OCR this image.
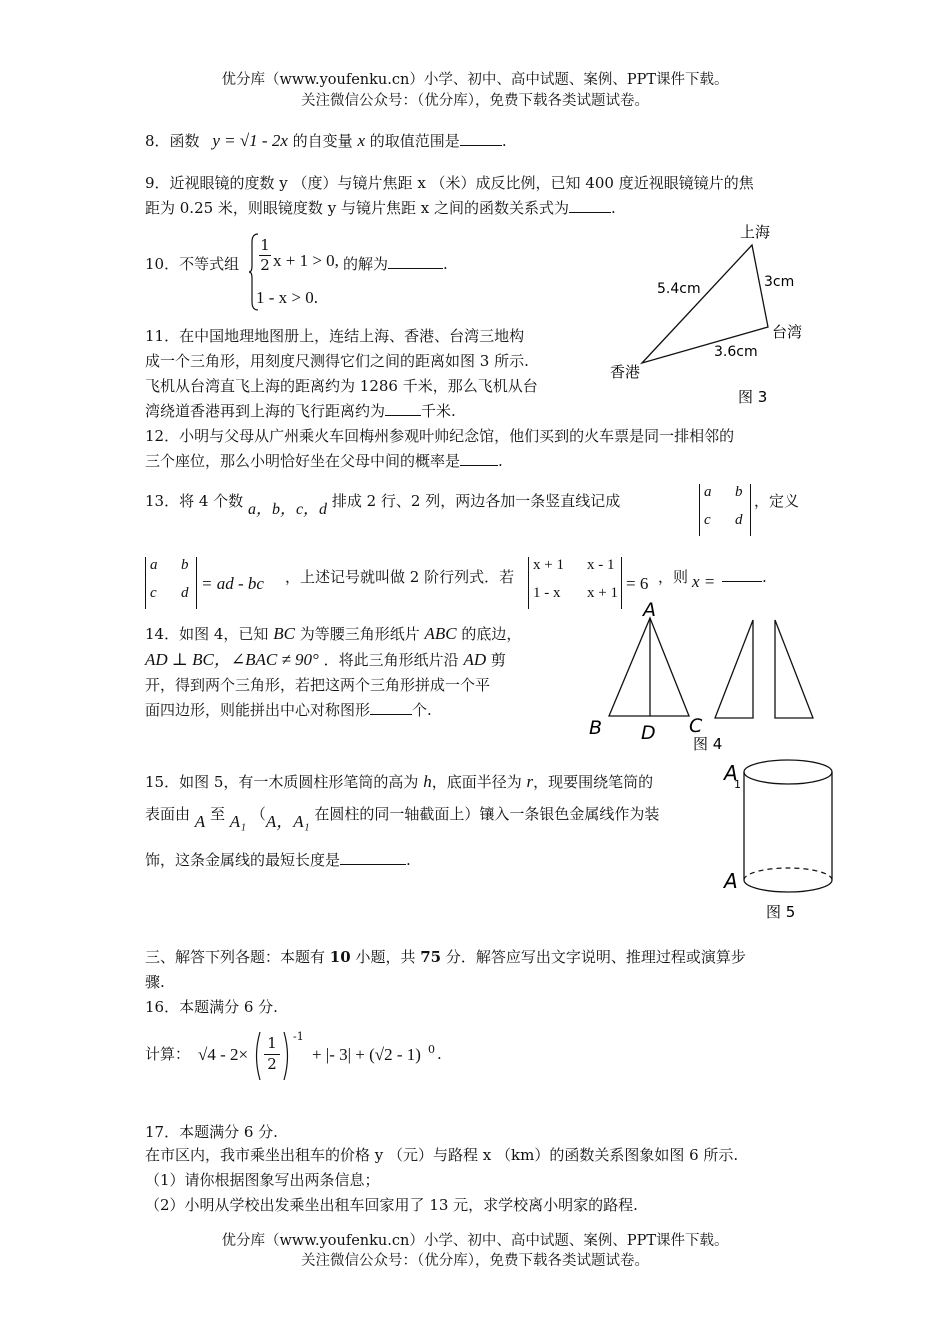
优分库（www.youfenku.cn）小学、初中、高中试题、案例、PPT课件下载。
关注微信公众号：（优分库），免费下载各类试题试卷。
8．函数 y = √1 - 2x 的自变量 x 的取值范围是	.
9．近视眼镜的度数 y （度）与镜片焦距 x （米）成反比例，已知 400 度近视眼镜镜片的焦
距为 0.25 米，则眼镜度数 y 与镜片焦距 x 之间的函数关系式为	.
10．不等式组 $\frac{1}{2}$ x + 1 > 0, 的解为	.
1 - x > 0.
上海
香港
台湾
5.4cm	3cm
3.6cm
图 3
11．在中国地理地图册上，连结上海、香港、台湾三地构
成一个三角形，用刻度尺测得它们之间的距离如图 3 所示.
飞机从台湾直飞上海的距离约为 1286 千米，那么飞机从台
湾绕道香港再到上海的飞行距离约为 千米.
12．小明与父母从广州乘火车回梅州参观叶帅纪念馆，他们买到的火车票是同一排相邻的
三个座位，那么小明恰好坐在父母中间的概率是	.
13．将 4 个数 a，b，c，d 排成 2 行、2 列，两边各加一条竖直线记成	a b
c d
，定义
a b
c d = ad - bc ，上述记号就叫做 2 阶行列式．若
x + 1 x - 1
1 - x x + 1 = 6 ，则 x =	.
A
B	C
D 图 4
14．如图 4，已知 BC 为等腰三角形纸片 ABC 的底边，
AD ⊥ BC，∠BAC ≠ 90° ．将此三角形纸片沿 AD 剪
开，得到两个三角形，若把这两个三角形拼成一个平
面四边形，则能拼出中心对称图形	个.
A
1
A
图 5
15．如图 5，有一木质圆柱形笔筒的高为 h，底面半径为 r，现要围绕笔筒的
表面由 A 至 A₁ （A，A₁ 在圆柱的同一轴截面上）镶入一条银色金属线作为装
饰，这条金属线的最短长度是	.
三、解答下列各题：本题有 10 小题，共 75 分．解答应写出文字说明、推理过程或演算步
骤.
16．本题满分 6 分.
计算： $√4 - 2\times \frac{1}{2} -1$
+ |- 3| + (√2 - 1) 0 .
17．本题满分 6 分.
在市区内，我市乘坐出租车的价格 y （元）与路程 x （km）的函数关系图象如图 6 所示.
（1）请你根据图象写出两条信息；
（2）小明从学校出发乘坐出租车回家用了 13 元，求学校离小明家的路程.
优分库（www.youfenku.cn）小学、初中、高中试题、案例、PPT课件下载。
关注微信公众号：（优分库），免费下载各类试题试卷。
